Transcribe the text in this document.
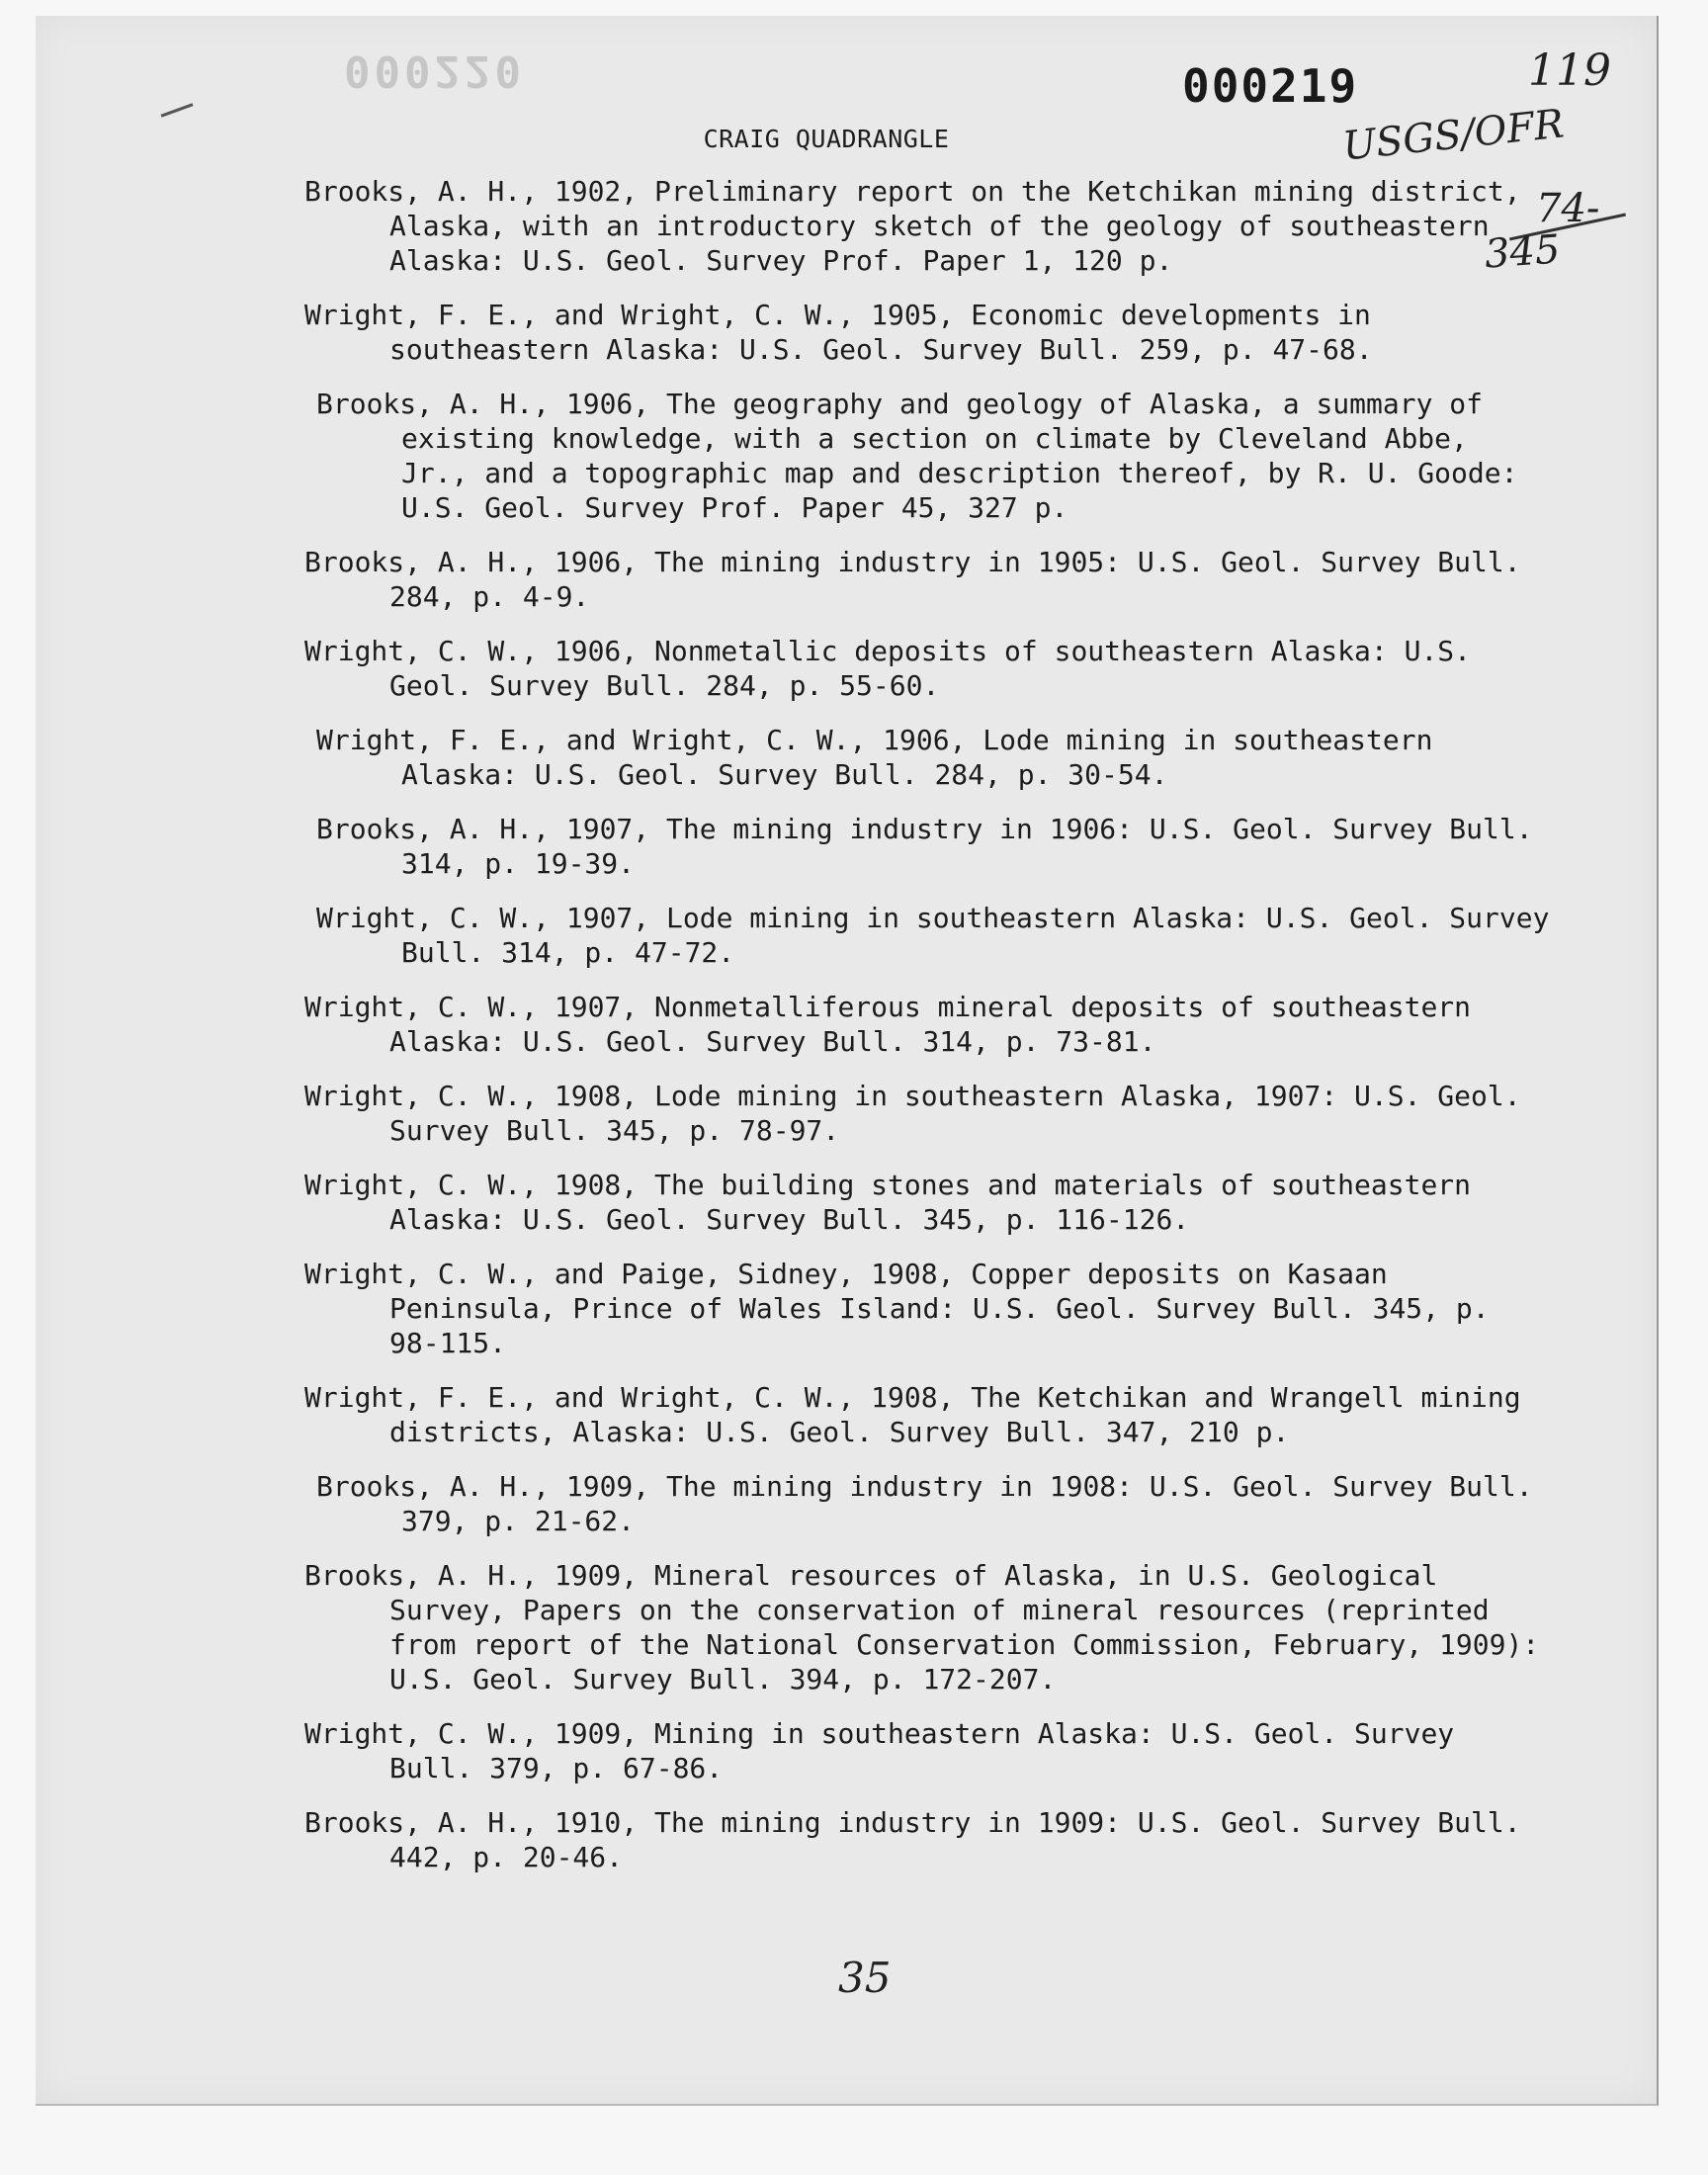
000220	000219	119
USGS/OFR
74-
345
CRAIG QUADRANGLE
Brooks, A. H., 1902, Preliminary report on the Ketchikan mining district, Alaska, with an introductory sketch of the geology of southeastern Alaska: U.S. Geol. Survey Prof. Paper 1, 120 p.
Wright, F. E., and Wright, C. W., 1905, Economic developments in southeastern Alaska: U.S. Geol. Survey Bull. 259, p. 47-68.
Brooks, A. H., 1906, The geography and geology of Alaska, a summary of existing knowledge, with a section on climate by Cleveland Abbe, Jr., and a topographic map and description thereof, by R. U. Goode: U.S. Geol. Survey Prof. Paper 45, 327 p.
Brooks, A. H., 1906, The mining industry in 1905: U.S. Geol. Survey Bull. 284, p. 4-9.
Wright, C. W., 1906, Nonmetallic deposits of southeastern Alaska: U.S. Geol. Survey Bull. 284, p. 55-60.
Wright, F. E., and Wright, C. W., 1906, Lode mining in southeastern Alaska: U.S. Geol. Survey Bull. 284, p. 30-54.
Brooks, A. H., 1907, The mining industry in 1906: U.S. Geol. Survey Bull. 314, p. 19-39.
Wright, C. W., 1907, Lode mining in southeastern Alaska: U.S. Geol. Survey Bull. 314, p. 47-72.
Wright, C. W., 1907, Nonmetalliferous mineral deposits of southeastern Alaska: U.S. Geol. Survey Bull. 314, p. 73-81.
Wright, C. W., 1908, Lode mining in southeastern Alaska, 1907: U.S. Geol. Survey Bull. 345, p. 78-97.
Wright, C. W., 1908, The building stones and materials of southeastern Alaska: U.S. Geol. Survey Bull. 345, p. 116-126.
Wright, C. W., and Paige, Sidney, 1908, Copper deposits on Kasaan Peninsula, Prince of Wales Island: U.S. Geol. Survey Bull. 345, p. 98-115.
Wright, F. E., and Wright, C. W., 1908, The Ketchikan and Wrangell mining districts, Alaska: U.S. Geol. Survey Bull. 347, 210 p.
Brooks, A. H., 1909, The mining industry in 1908: U.S. Geol. Survey Bull. 379, p. 21-62.
Brooks, A. H., 1909, Mineral resources of Alaska, in U.S. Geological Survey, Papers on the conservation of mineral resources (reprinted from report of the National Conservation Commission, February, 1909): U.S. Geol. Survey Bull. 394, p. 172-207.
Wright, C. W., 1909, Mining in southeastern Alaska: U.S. Geol. Survey Bull. 379, p. 67-86.
Brooks, A. H., 1910, The mining industry in 1909: U.S. Geol. Survey Bull. 442, p. 20-46.
35
